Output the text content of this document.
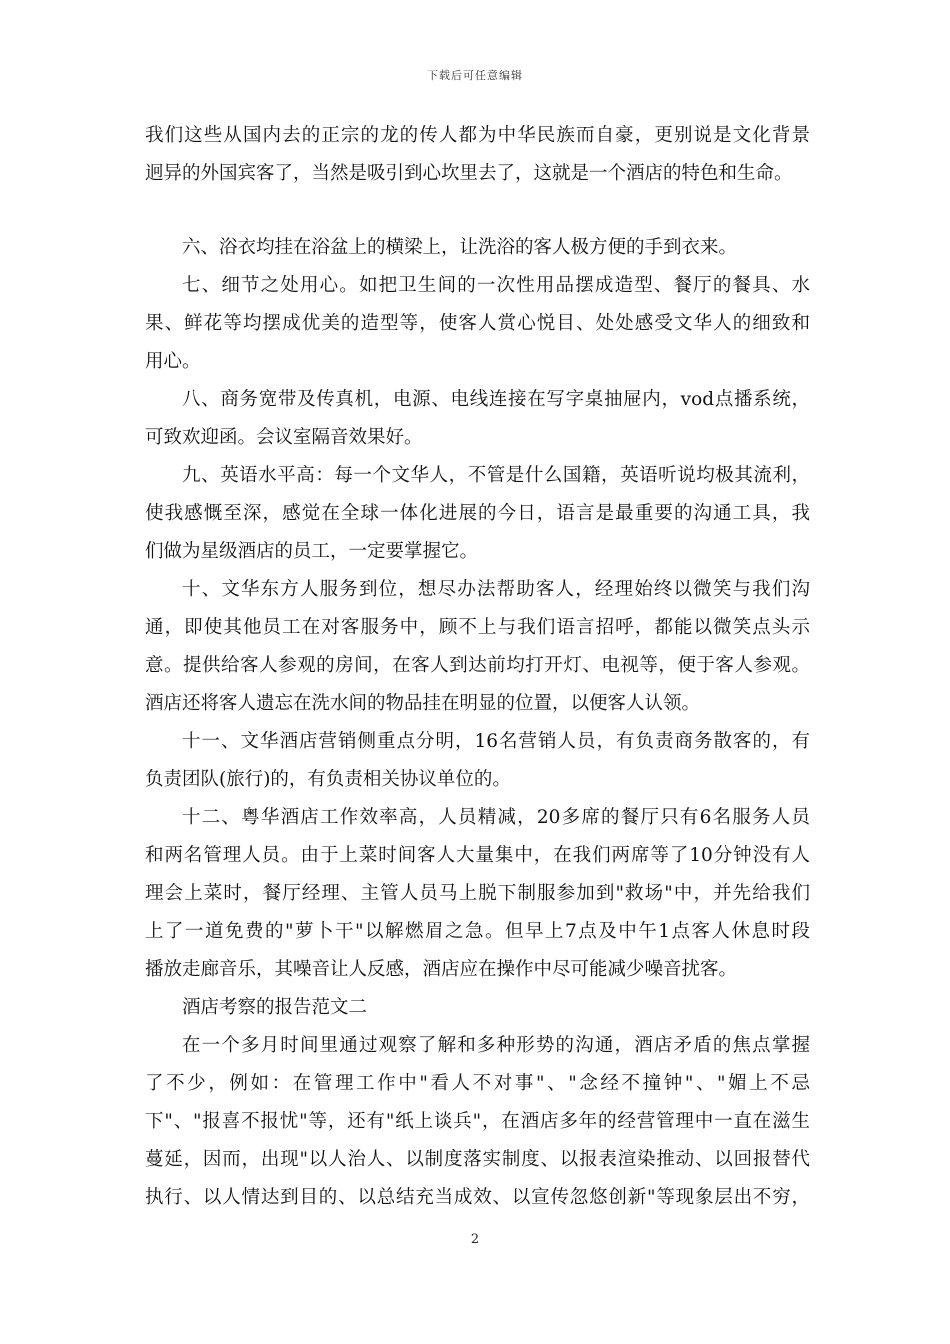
下载后可任意编辑
我们这些从国内去的正宗的龙的传人都为中华民族而自豪，更别说是文化背景
迥异的外国宾客了，当然是吸引到心坎里去了，这就是一个酒店的特色和生命。
六、浴衣均挂在浴盆上的横梁上，让洗浴的客人极方便的手到衣来。
七、细节之处用心。如把卫生间的一次性用品摆成造型、餐厅的餐具、水
果、鲜花等均摆成优美的造型等，使客人赏心悦目、处处感受文华人的细致和
用心。
八、商务宽带及传真机，电源、电线连接在写字桌抽屉内，vod点播系统，
可致欢迎函。会议室隔音效果好。
九、英语水平高：每一个文华人，不管是什么国籍，英语听说均极其流利，
使我感慨至深，感觉在全球一体化进展的今日，语言是最重要的沟通工具，我
们做为星级酒店的员工，一定要掌握它。
十、文华东方人服务到位，想尽办法帮助客人，经理始终以微笑与我们沟
通，即使其他员工在对客服务中，顾不上与我们语言招呼，都能以微笑点头示
意。提供给客人参观的房间，在客人到达前均打开灯、电视等，便于客人参观。
酒店还将客人遗忘在洗水间的物品挂在明显的位置，以便客人认领。
十一、文华酒店营销侧重点分明，16名营销人员，有负责商务散客的，有
负责团队(旅行)的，有负责相关协议单位的。
十二、粤华酒店工作效率高，人员精减，20多席的餐厅只有6名服务人员
和两名管理人员。由于上菜时间客人大量集中，在我们两席等了10分钟没有人
理会上菜时，餐厅经理、主管人员马上脱下制服参加到"救场"中，并先给我们
上了一道免费的"萝卜干"以解燃眉之急。但早上7点及中午1点客人休息时段
播放走廊音乐，其噪音让人反感，酒店应在操作中尽可能减少噪音扰客。
酒店考察的报告范文二
在一个多月时间里通过观察了解和多种形势的沟通，酒店矛盾的焦点掌握
了不少，例如：在管理工作中"看人不对事"、"念经不撞钟"、"媚上不忌
下"、"报喜不报忧"等，还有"纸上谈兵"，在酒店多年的经营管理中一直在滋生
蔓延，因而，出现"以人治人、以制度落实制度、以报表渲染推动、以回报替代
执行、以人情达到目的、以总结充当成效、以宣传忽悠创新"等现象层出不穷，
2
